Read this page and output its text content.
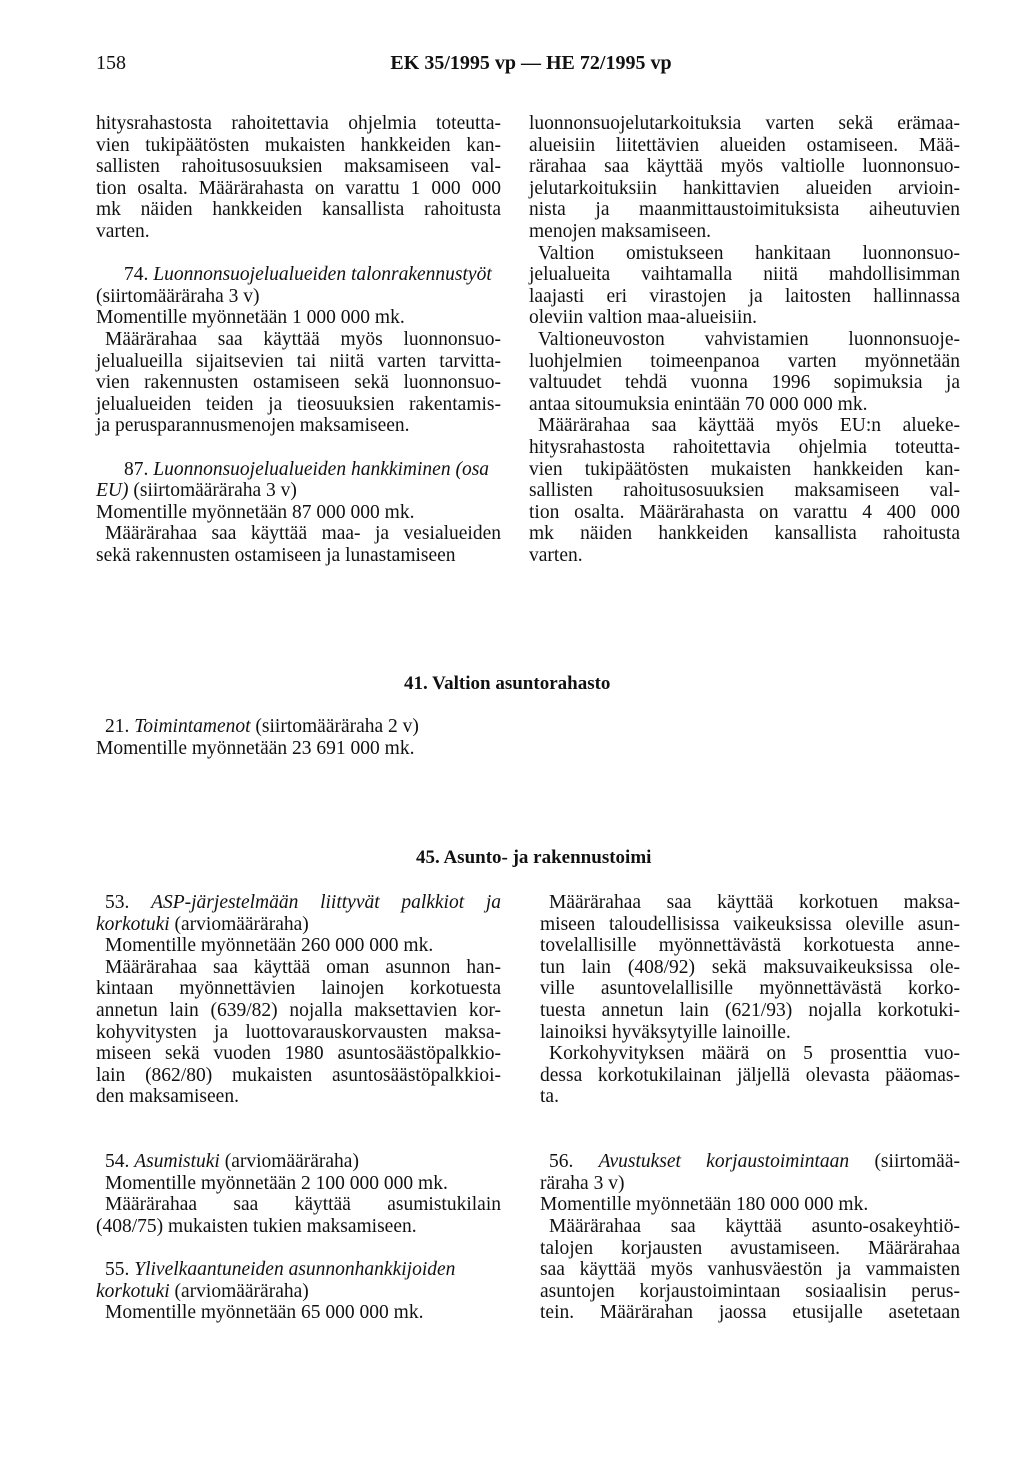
158	EK 35/1995 vp — HE 72/1995 vp
hitysrahastosta rahoitettavia ohjelmia toteutta-
vien tukipäätösten mukaisten hankkeiden kan-
sallisten rahoitusosuuksien maksamiseen val-
tion osalta. Määrärahasta on varattu 1 000 000
mk näiden hankkeiden kansallista rahoitusta
varten.
74. Luonnonsuojelualueiden talonrakennustyöt
(siirtomääräraha 3 v)
Momentille myönnetään 1 000 000 mk.
Määrärahaa saa käyttää myös luonnonsuo-
jelualueilla sijaitsevien tai niitä varten tarvitta-
vien rakennusten ostamiseen sekä luonnonsuo-
jelualueiden teiden ja tieosuuksien rakentamis-
ja perusparannusmenojen maksamiseen.
87. Luonnonsuojelualueiden hankkiminen (osa
EU) (siirtomääräraha 3 v)
Momentille myönnetään 87 000 000 mk.
Määrärahaa saa käyttää maa- ja vesialueiden
sekä rakennusten ostamiseen ja lunastamiseen
luonnonsuojelutarkoituksia varten sekä erämaa-
alueisiin liitettävien alueiden ostamiseen. Mää-
rärahaa saa käyttää myös valtiolle luonnonsuo-
jelutarkoituksiin hankittavien alueiden arvioin-
nista ja maanmittaustoimituksista aiheutuvien
menojen maksamiseen.
Valtion omistukseen hankitaan luonnonsuo-
jelualueita vaihtamalla niitä mahdollisimman
laajasti eri virastojen ja laitosten hallinnassa
oleviin valtion maa-alueisiin.
Valtioneuvoston vahvistamien luonnonsuoje-
luohjelmien toimeenpanoa varten myönnetään
valtuudet tehdä vuonna 1996 sopimuksia ja
antaa sitoumuksia enintään 70 000 000 mk.
Määrärahaa saa käyttää myös EU:n alueke-
hitysrahastosta rahoitettavia ohjelmia toteutta-
vien tukipäätösten mukaisten hankkeiden kan-
sallisten rahoitusosuuksien maksamiseen val-
tion osalta. Määrärahasta on varattu 4 400 000
mk näiden hankkeiden kansallista rahoitusta
varten.
41. Valtion asuntorahasto
21. Toimintamenot (siirtomääräraha 2 v)
Momentille myönnetään 23 691 000 mk.
45. Asunto- ja rakennustoimi
53. ASP-järjestelmään liittyvät palkkiot ja
korkotuki (arviomääräraha)
Momentille myönnetään 260 000 000 mk.
Määrärahaa saa käyttää oman asunnon han-
kintaan myönnettävien lainojen korkotuesta
annetun lain (639/82) nojalla maksettavien kor-
kohyvitysten ja luottovarauskorvausten maksa-
miseen sekä vuoden 1980 asuntosäästöpalkkio-
lain (862/80) mukaisten asuntosäästöpalkkioi-
den maksamiseen.
54. Asumistuki (arviomääräraha)
Momentille myönnetään 2 100 000 000 mk.
Määrärahaa saa käyttää asumistukilain
(408/75) mukaisten tukien maksamiseen.
55. Ylivelkaantuneiden asunnonhankkijoiden
korkotuki (arviomääräraha)
Momentille myönnetään 65 000 000 mk.
Määrärahaa saa käyttää korkotuen maksa-
miseen taloudellisissa vaikeuksissa oleville asun-
tovelallisille myönnettävästä korkotuesta anne-
tun lain (408/92) sekä maksuvaikeuksissa ole-
ville asuntovelallisille myönnettävästä korko-
tuesta annetun lain (621/93) nojalla korkotuki-
lainoiksi hyväksytyille lainoille.
Korkohyvityksen määrä on 5 prosenttia vuo-
dessa korkotukilainan jäljellä olevasta pääomas-
ta.
56. Avustukset korjaustoimintaan (siirtomää-
räraha 3 v)
Momentille myönnetään 180 000 000 mk.
Määrärahaa saa käyttää asunto-osakeyhtiö-
talojen korjausten avustamiseen. Määrärahaa
saa käyttää myös vanhusväestön ja vammaisten
asuntojen korjaustoimintaan sosiaalisin perus-
tein. Määrärahan jaossa etusijalle asetetaan
